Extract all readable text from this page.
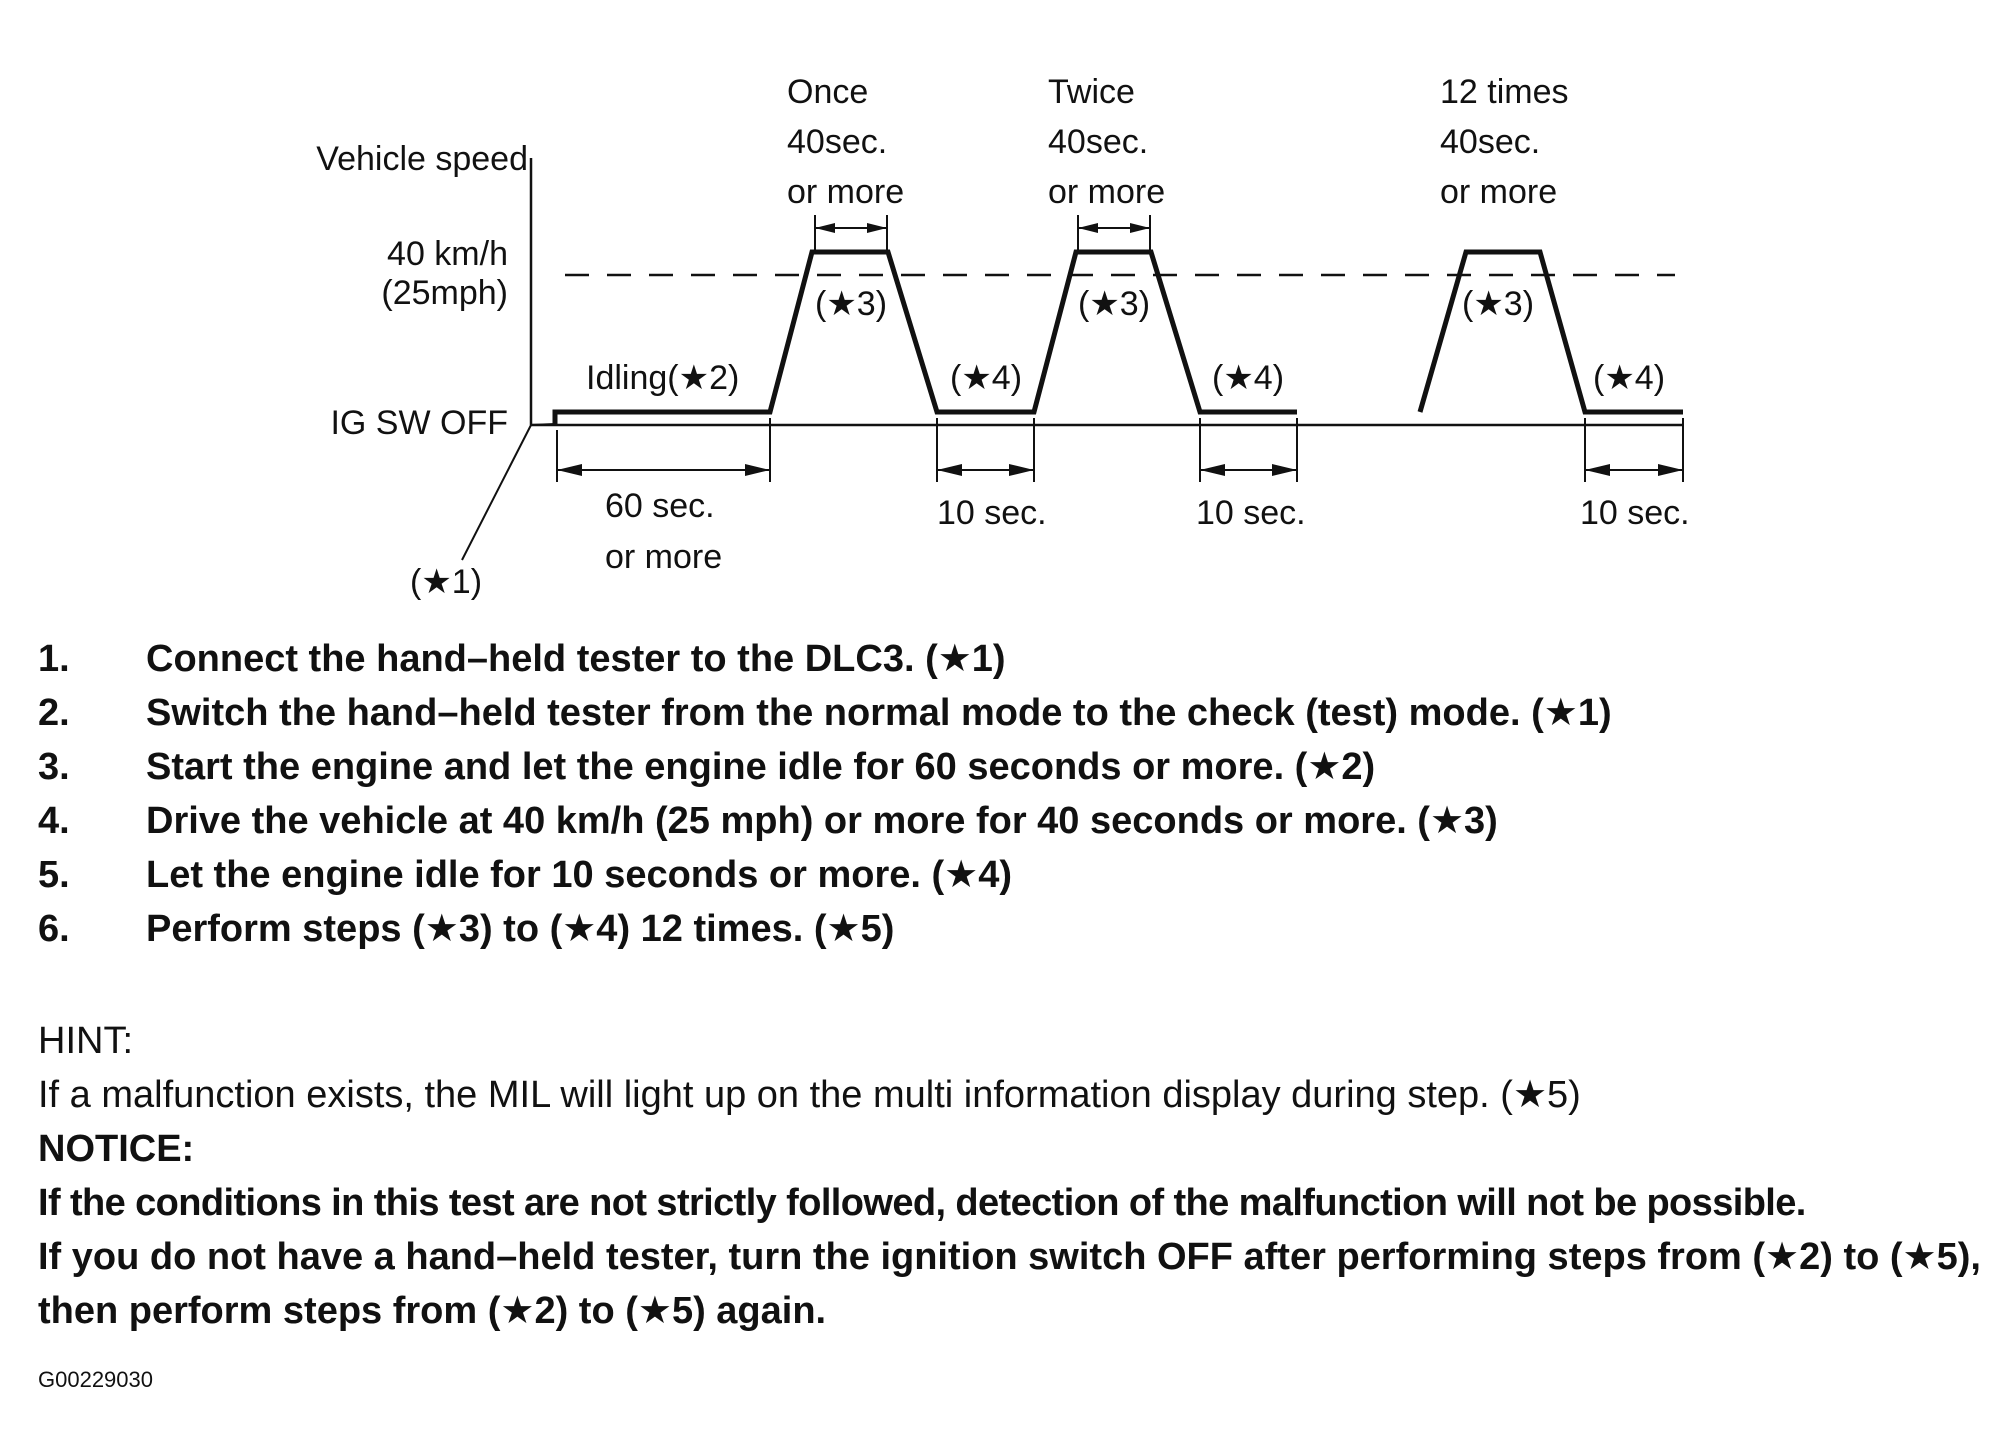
Vehicle speed
40 km/h
(25mph)
IG SW OFF
Idling(★2)
(★1)
60 sec.
or more
Once
40sec.
or more
(★3)
(★4)
10 sec.
Twice
40sec.
or more
(★3)
(★4)
10 sec.
12 times
40sec.
or more
(★3)
(★4)
10 sec.
1. Connect the hand–held tester to the DLC3. (★1)
2. Switch the hand–held tester from the normal mode to the check (test) mode. (★1)
3. Start the engine and let the engine idle for 60 seconds or more. (★2)
4. Drive the vehicle at 40 km/h (25 mph) or more for 40 seconds or more. (★3)
5. Let the engine idle for 10 seconds or more. (★4)
6. Perform steps (★3) to (★4) 12 times. (★5)
HINT:
If a malfunction exists, the MIL will light up on the multi information display during step. (★5)
NOTICE:
If the conditions in this test are not strictly followed, detection of the malfunction will not be possible.
If you do not have a hand–held tester, turn the ignition switch OFF after performing steps from (★2) to (★5), then perform steps from (★2) to (★5) again.
G00229030
